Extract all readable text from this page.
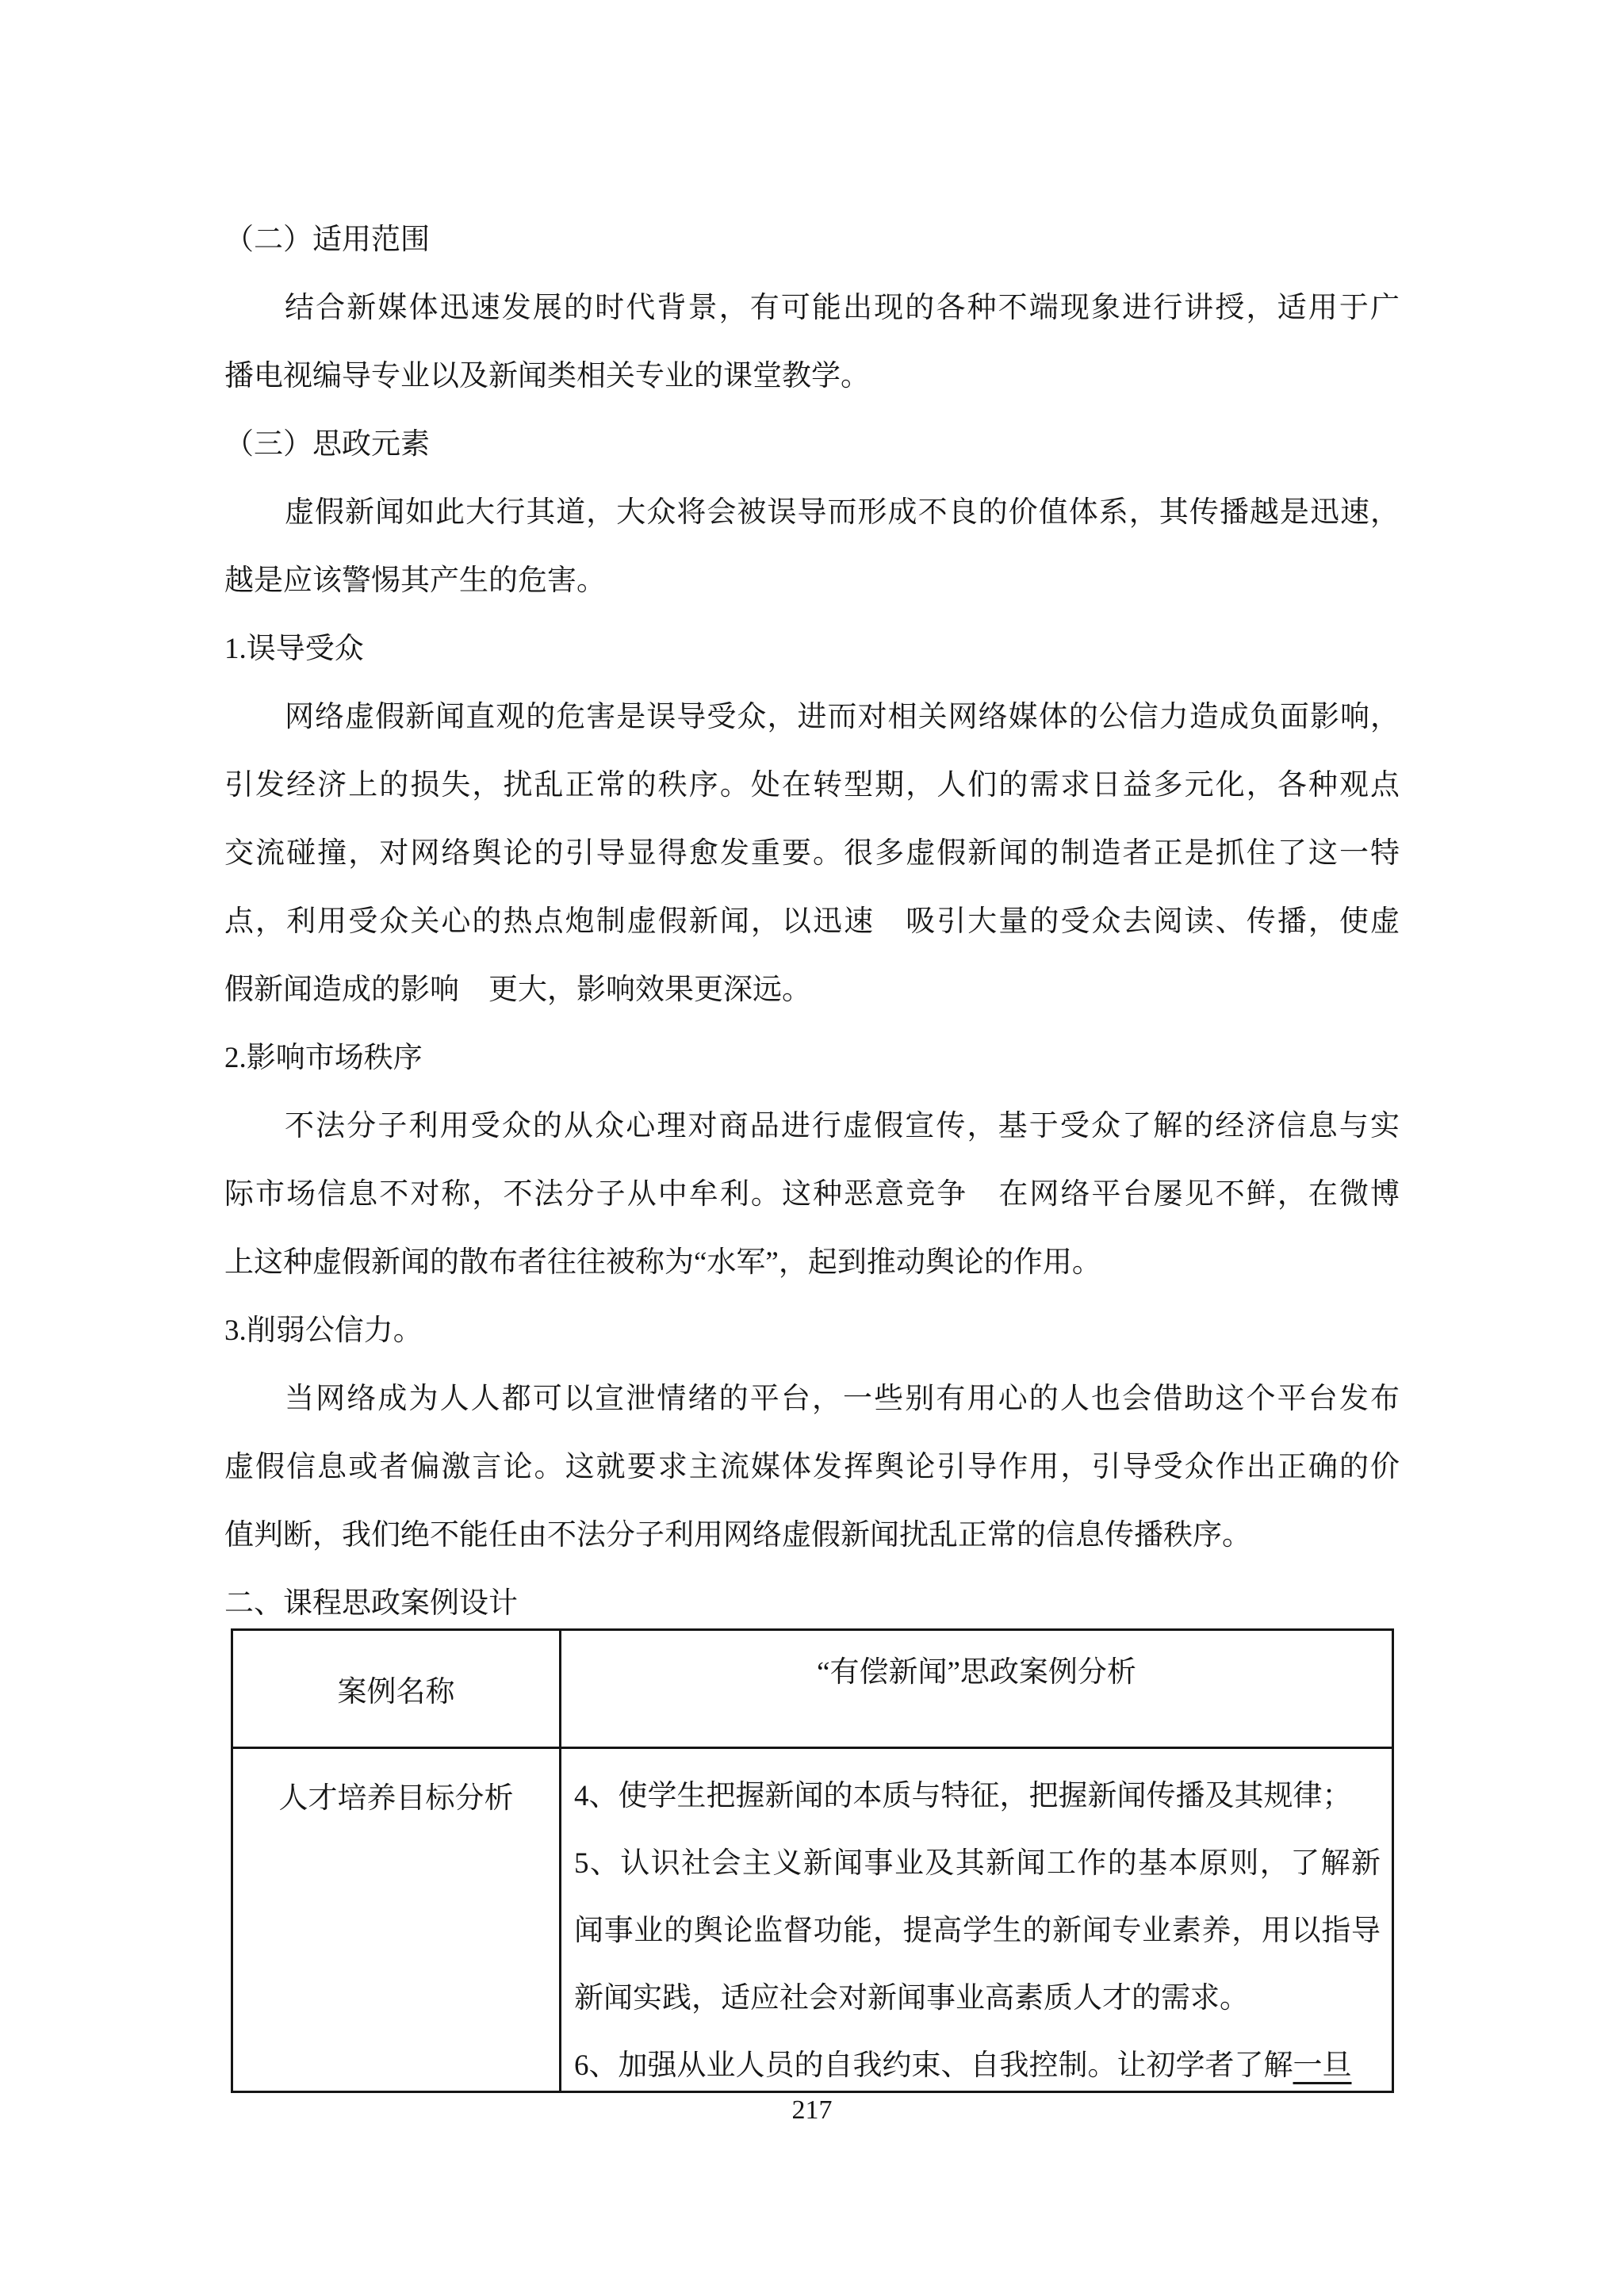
（二）适用范围
结合新媒体迅速发展的时代背景，有可能出现的各种不端现象进行讲授，适用于广
播电视编导专业以及新闻类相关专业的课堂教学。
（三）思政元素
虚假新闻如此大行其道，大众将会被误导而形成不良的价值体系，其传播越是迅速，
越是应该警惕其产生的危害。
1.误导受众
网络虚假新闻直观的危害是误导受众，进而对相关网络媒体的公信力造成负面影响，
引发经济上的损失，扰乱正常的秩序。处在转型期，人们的需求日益多元化，各种观点
交流碰撞，对网络舆论的引导显得愈发重要。很多虚假新闻的制造者正是抓住了这一特
点，利用受众关心的热点炮制虚假新闻，以迅速　吸引大量的受众去阅读、传播，使虚
假新闻造成的影响　更大，影响效果更深远。
2.影响市场秩序
不法分子利用受众的从众心理对商品进行虚假宣传，基于受众了解的经济信息与实
际市场信息不对称，不法分子从中牟利。这种恶意竞争　在网络平台屡见不鲜，在微博
上这种虚假新闻的散布者往往被称为“水军”，起到推动舆论的作用。
3.削弱公信力。
当网络成为人人都可以宣泄情绪的平台，一些别有用心的人也会借助这个平台发布
虚假信息或者偏激言论。这就要求主流媒体发挥舆论引导作用，引导受众作出正确的价
值判断，我们绝不能任由不法分子利用网络虚假新闻扰乱正常的信息传播秩序。
二、课程思政案例设计
案例名称
“有偿新闻”思政案例分析
人才培养目标分析	4、使学生把握新闻的本质与特征，把握新闻传播及其规律；
5、认识社会主义新闻事业及其新闻工作的基本原则，了解新
闻事业的舆论监督功能，提高学生的新闻专业素养，用以指导
新闻实践，适应社会对新闻事业高素质人才的需求。
6、加强从业人员的自我约束、自我控制。让初学者了解一旦
217
